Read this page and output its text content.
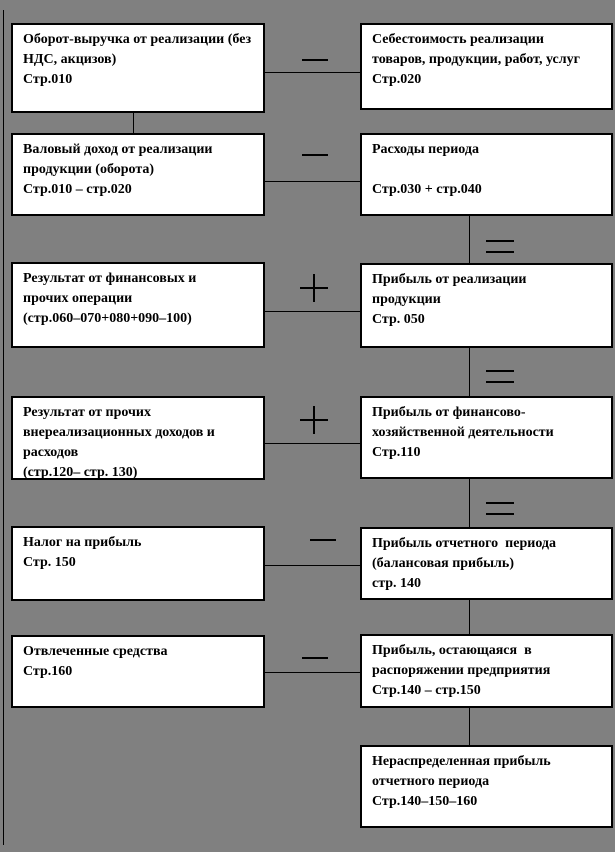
Оборот-выручка от реализации (без
НДС, акцизов)
Стр.010
Валовый доход от реализации
продукции (оборота)
Стр.010 – стр.020
Результат от финансовых и
прочих операции
(стр.060–070+080+090–100)
Результат от прочих
внереализационных доходов и
расходов
(стр.120– стр. 130)
Налог на прибыль
Стр. 150
Отвлеченные средства
Стр.160
Себестоимость реализации
товаров, продукции, работ, услуг
Стр.020
Расходы периода

Стр.030 + стр.040
Прибыль от реализации
продукции
Стр. 050
Прибыль от финансово-
хозяйственной деятельности
Стр.110
Прибыль отчетного  периода
(балансовая прибыль)
стр. 140
Прибыль, остающаяся  в
распоряжении предприятия
Стр.140 – стр.150
Нераспределенная прибыль
отчетного периода
Стр.140–150–160
